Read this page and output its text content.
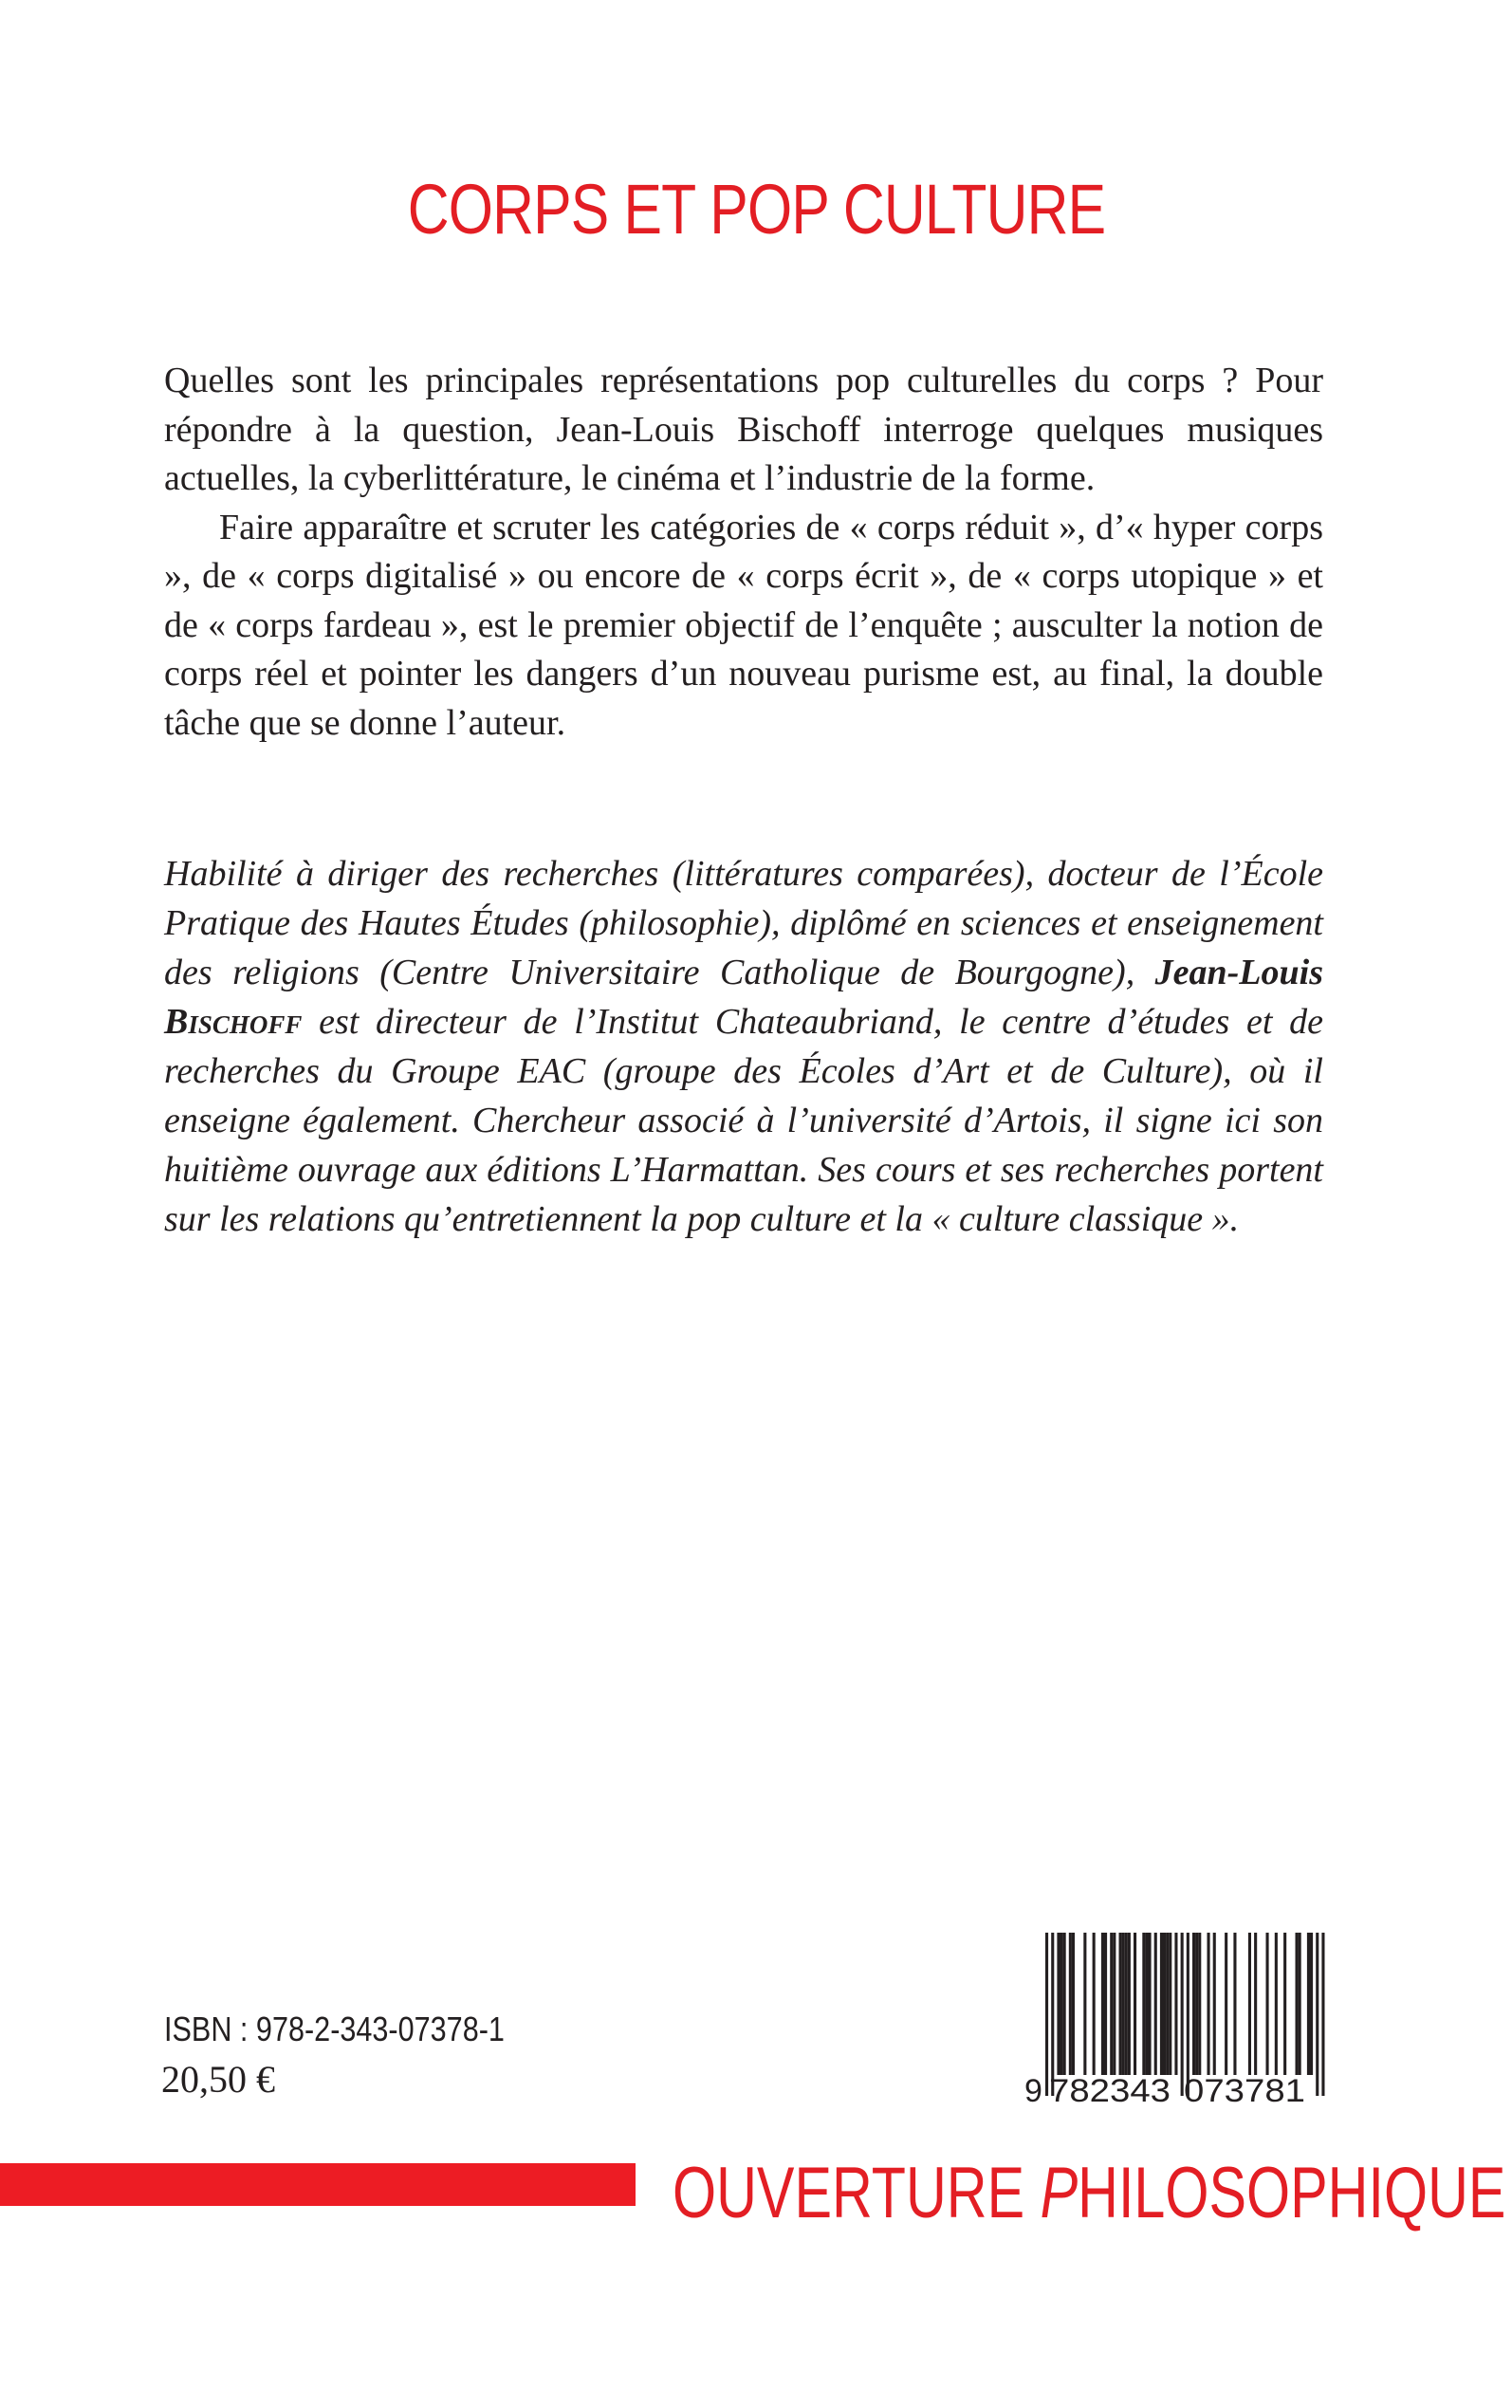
CORPS ET POP CULTURE

Quelles sont les principales représentations pop culturelles du corps ? Pour répondre à la question, Jean-Louis Bischoff interroge quelques musiques actuelles, la cyberlittérature, le cinéma et l’industrie de la forme.

Faire apparaître et scruter les catégories de « corps réduit », d’« hyper corps », de « corps digitalisé » ou encore de « corps écrit », de « corps utopique » et de « corps fardeau », est le premier objectif de l’enquête ; ausculter la notion de corps réel et pointer les dangers d’un nouveau purisme est, au final, la double tâche que se donne l’auteur.

Habilité à diriger des recherches (littératures comparées), docteur de l’École Pratique des Hautes Études (philosophie), diplômé en sciences et enseignement des religions (Centre Universitaire Catholique de Bourgogne), Jean-Louis Bischoff est directeur de l’Institut Chateaubriand, le centre d’études et de recherches du Groupe EAC (groupe des Écoles d’Art et de Culture), où il enseigne également. Chercheur associé à l’université d’Artois, il signe ici son huitième ouvrage aux éditions L’Harmattan. Ses cours et ses recherches portent sur les relations qu’entretiennent la pop culture et la « culture classique ».
ISBN : 978-2-343-07378-1
20,50 €	9 782343 073781
OUVERTURE PHILOSOPHIQUE
